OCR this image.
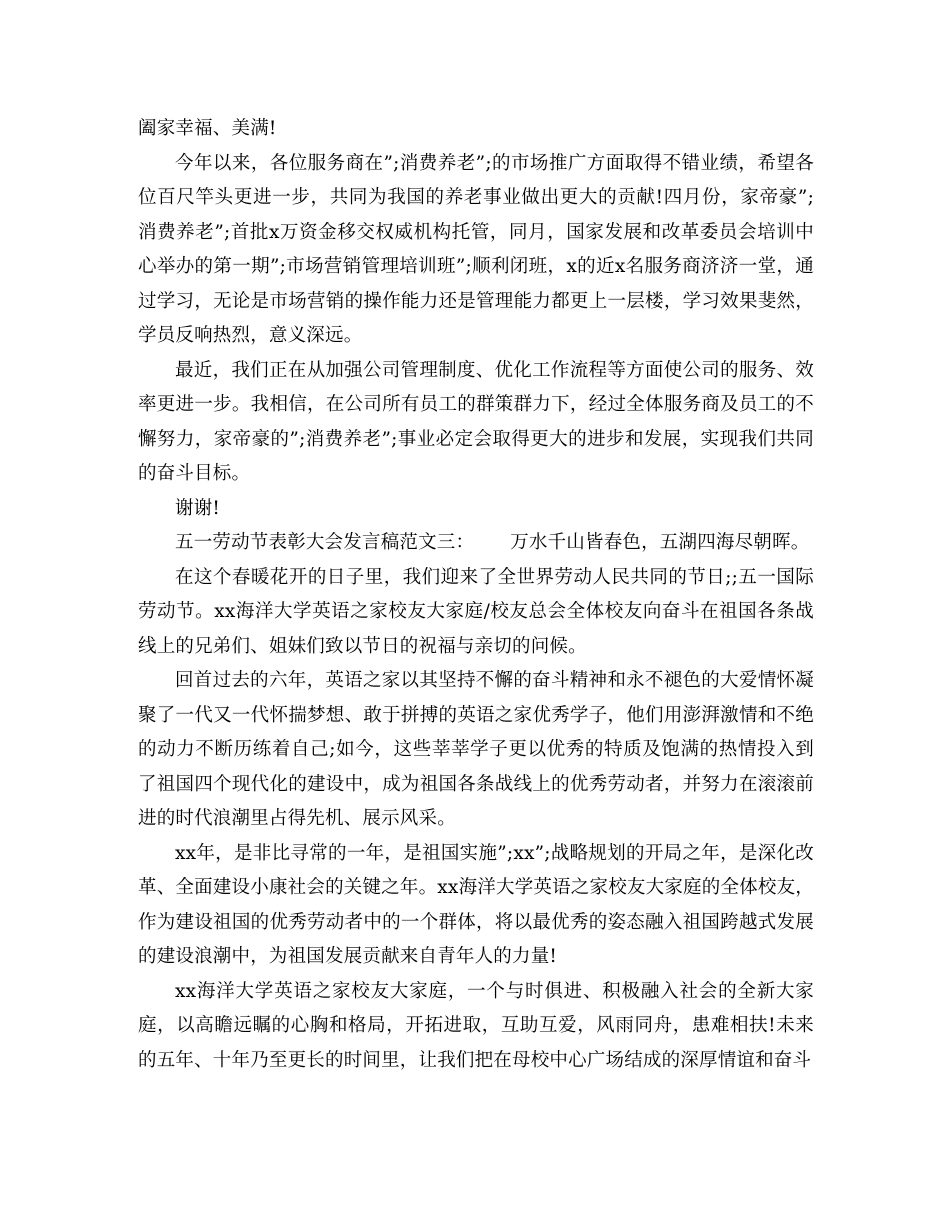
阖家幸福、美满!

今年以来，各位服务商在”;消费养老”;的市场推广方面取得不错业绩，希望各位百尺竿头更进一步，共同为我国的养老事业做出更大的贡献!四月份，家帝豪”;消费养老”;首批x万资金移交权威机构托管，同月，国家发展和改革委员会培训中心举办的第一期”;市场营销管理培训班”;顺利闭班，x的近x名服务商济济一堂，通过学习，无论是市场营销的操作能力还是管理能力都更上一层楼，学习效果斐然，学员反响热烈，意义深远。

最近，我们正在从加强公司管理制度、优化工作流程等方面使公司的服务、效率更进一步。我相信，在公司所有员工的群策群力下，经过全体服务商及员工的不懈努力，家帝豪的”;消费养老”;事业必定会取得更大的进步和发展，实现我们共同的奋斗目标。

谢谢!

五一劳动节表彰大会发言稿范文三： 万水千山皆春色，五湖四海尽朝晖。

在这个春暖花开的日子里，我们迎来了全世界劳动人民共同的节日;;五一国际劳动节。xx海洋大学英语之家校友大家庭/校友总会全体校友向奋斗在祖国各条战线上的兄弟们、姐妹们致以节日的祝福与亲切的问候。

回首过去的六年，英语之家以其坚持不懈的奋斗精神和永不褪色的大爱情怀凝聚了一代又一代怀揣梦想、敢于拼搏的英语之家优秀学子，他们用澎湃激情和不绝的动力不断历练着自己;如今，这些莘莘学子更以优秀的特质及饱满的热情投入到了祖国四个现代化的建设中，成为祖国各条战线上的优秀劳动者，并努力在滚滚前进的时代浪潮里占得先机、展示风采。

xx年，是非比寻常的一年，是祖国实施”;xx”;战略规划的开局之年，是深化改革、全面建设小康社会的关键之年。xx海洋大学英语之家校友大家庭的全体校友，作为建设祖国的优秀劳动者中的一个群体，将以最优秀的姿态融入祖国跨越式发展的建设浪潮中，为祖国发展贡献来自青年人的力量!

xx海洋大学英语之家校友大家庭，一个与时俱进、积极融入社会的全新大家庭，以高瞻远瞩的心胸和格局，开拓进取，互助互爱，风雨同舟，患难相扶!未来的五年、十年乃至更长的时间里，让我们把在母校中心广场结成的深厚情谊和奋斗
